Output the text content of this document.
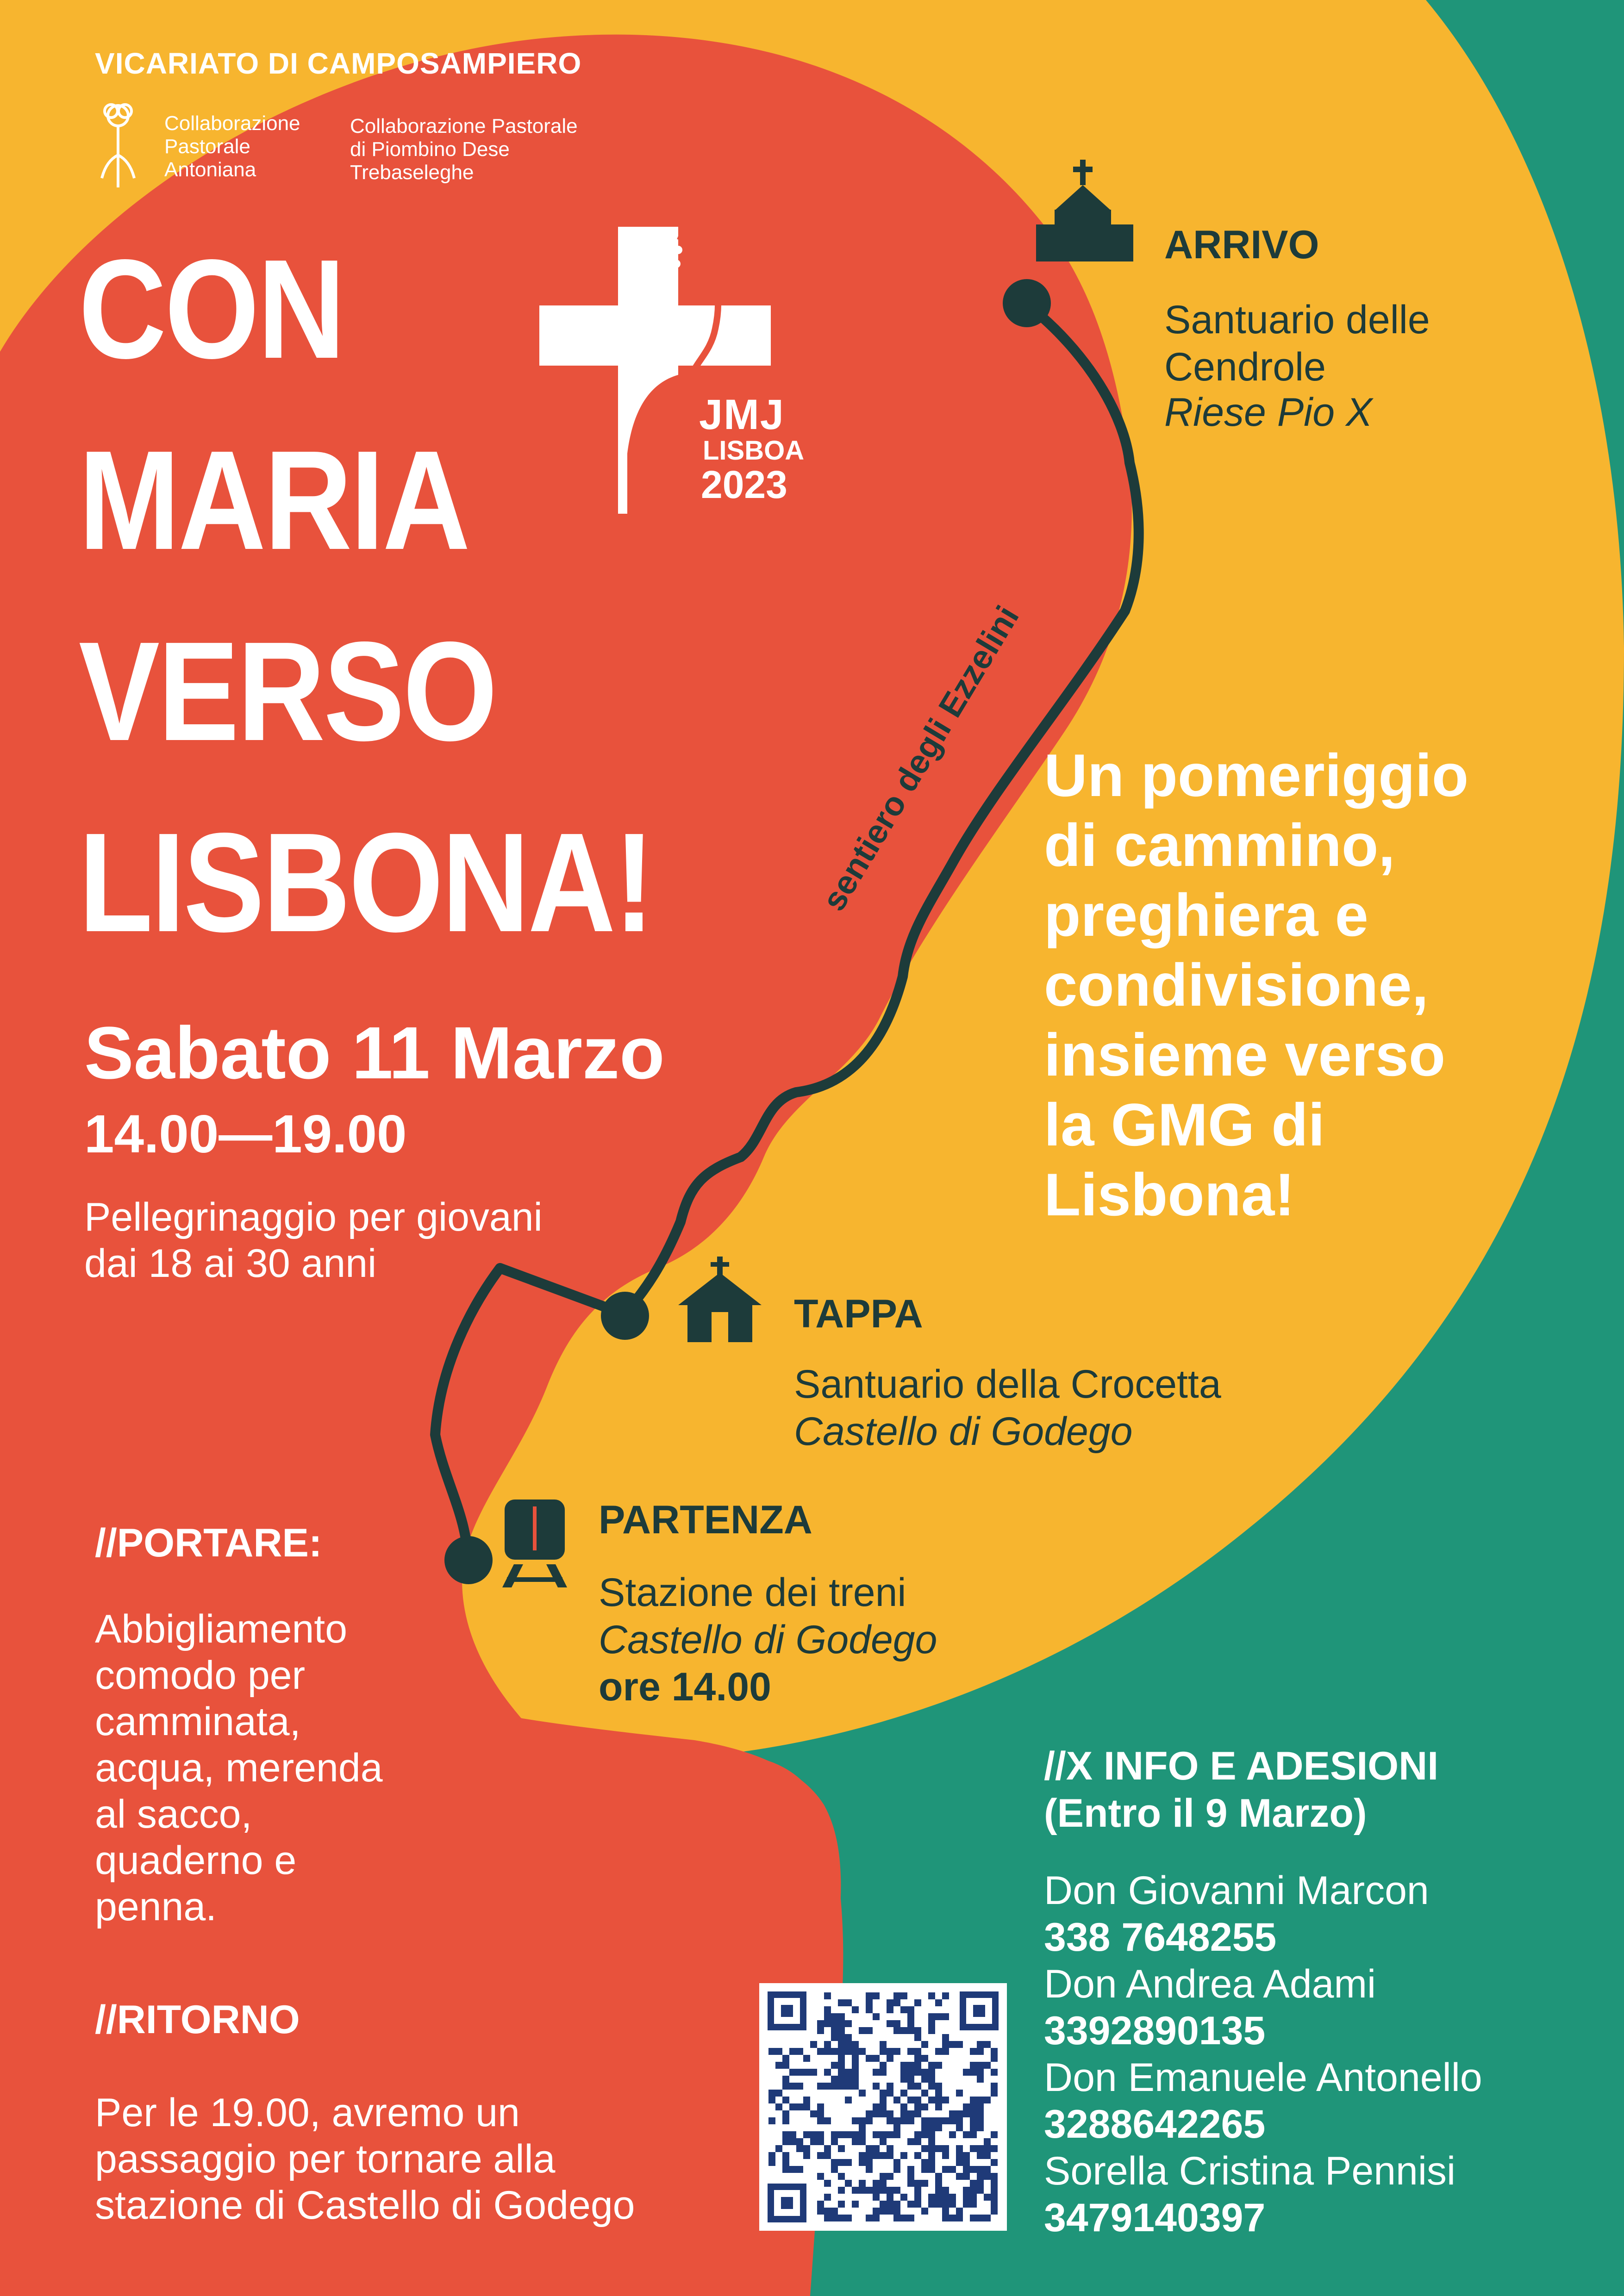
VICARIATO DI CAMPOSAMPIERO
Collaborazione
Pastorale
Antoniana
Collaborazione Pastorale
di Piombino Dese
Trebaseleghe
CON
MARIA
VERSO
LISBONA!
JMJ
LISBOA
2023
Sabato 11 Marzo
14.00—19.00
Pellegrinaggio per giovani
dai 18 ai 30 anni
sentiero degli Ezzelini
ARRIVO
Santuario delle
Cendrole
Riese Pio X
Un pomeriggio
di cammino,
preghiera e
condivisione,
insieme verso
la GMG di
Lisbona!
TAPPA
Santuario della Crocetta
Castello di Godego
PARTENZA
Stazione dei treni
Castello di Godego
ore 14.00
//PORTARE:
Abbigliamento
comodo per
camminata,
acqua, merenda
al sacco,
quaderno e
penna.
//RITORNO
Per le 19.00, avremo un
passaggio per tornare alla
stazione di Castello di Godego
//X INFO E ADESIONI
(Entro il 9 Marzo)
Don Giovanni Marcon
338 7648255
Don Andrea Adami
3392890135
Don Emanuele Antonello
3288642265
Sorella Cristina Pennisi
3479140397
